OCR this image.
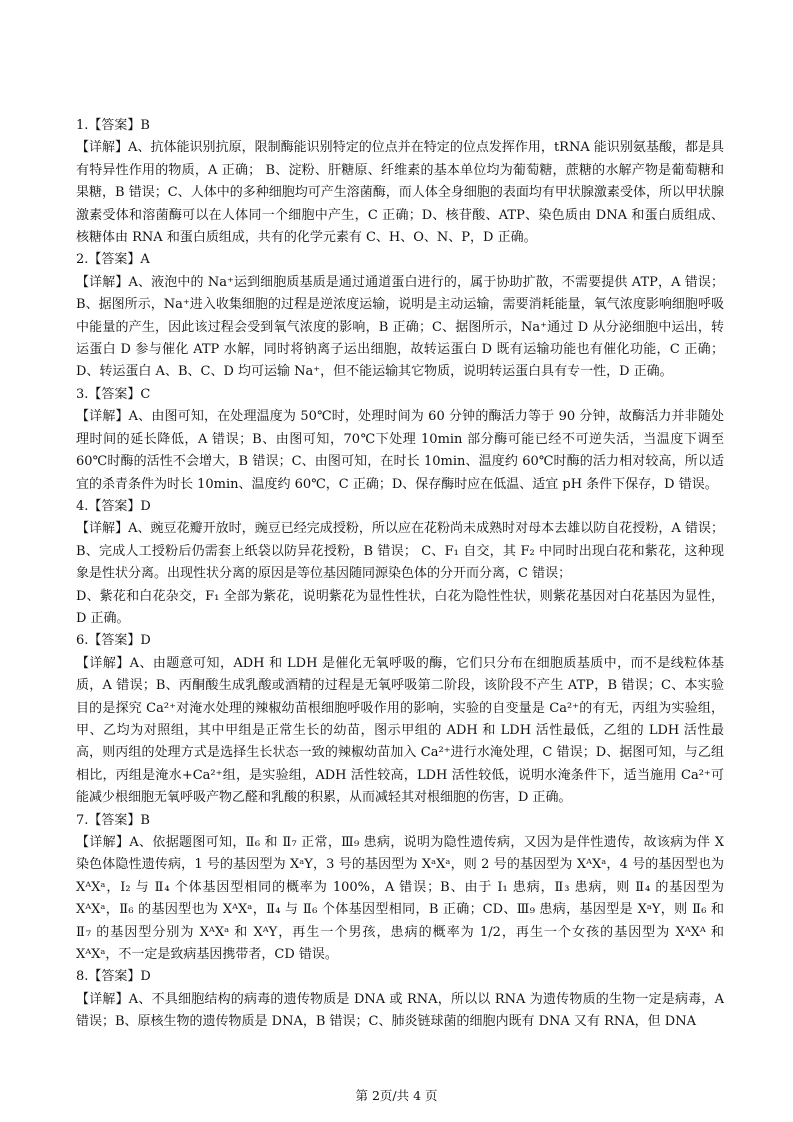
1.【答案】B

【详解】A、抗体能识别抗原，限制酶能识别特定的位点并在特定的位点发挥作用，tRNA 能识别氨基酸，都是具有特异性作用的物质，A 正确； B、淀粉、肝糖原、纤维素的基本单位均为葡萄糖，蔗糖的水解产物是葡萄糖和果糖，B 错误；C、人体中的多种细胞均可产生溶菌酶，而人体全身细胞的表面均有甲状腺激素受体，所以甲状腺激素受体和溶菌酶可以在人体同一个细胞中产生，C 正确；D、核苷酸、ATP、染色质由 DNA 和蛋白质组成、核糖体由 RNA 和蛋白质组成，共有的化学元素有 C、H、O、N、P，D 正确。

2.【答案】A

【详解】A、液泡中的 Na⁺运到细胞质基质是通过通道蛋白进行的，属于协助扩散，不需要提供 ATP，A 错误；B、据图所示，Na⁺进入收集细胞的过程是逆浓度运输，说明是主动运输，需要消耗能量，氧气浓度影响细胞呼吸中能量的产生，因此该过程会受到氧气浓度的影响，B 正确；C、据图所示，Na⁺通过 D 从分泌细胞中运出，转运蛋白 D 参与催化 ATP 水解，同时将钠离子运出细胞，故转运蛋白 D 既有运输功能也有催化功能，C 正确；D、转运蛋白 A、B、C、D 均可运输 Na⁺，但不能运输其它物质，说明转运蛋白具有专一性，D 正确。

3.【答案】C

【详解】A、由图可知，在处理温度为 50℃时，处理时间为 60 分钟的酶活力等于 90 分钟，故酶活力并非随处理时间的延长降低，A 错误；B、由图可知，70℃下处理 10min 部分酶可能已经不可逆失活，当温度下调至 60℃时酶的活性不会增大，B 错误；C、由图可知，在时长 10min、温度约 60℃时酶的活力相对较高，所以适宜的杀青条件为时长 10min、温度约 60℃，C 正确；D、保存酶时应在低温、适宜 pH 条件下保存，D 错误。

4.【答案】D

【详解】A、豌豆花瓣开放时，豌豆已经完成授粉，所以应在花粉尚未成熟时对母本去雄以防自花授粉，A 错误；B、完成人工授粉后仍需套上纸袋以防异花授粉，B 错误； C、F₁ 自交，其 F₂ 中同时出现白花和紫花，这种现象是性状分离。出现性状分离的原因是等位基因随同源染色体的分开而分离，C 错误；

D、紫花和白花杂交，F₁ 全部为紫花，说明紫花为显性性状，白花为隐性性状，则紫花基因对白花基因为显性，D 正确。

6.【答案】D

【详解】A、由题意可知，ADH 和 LDH 是催化无氧呼吸的酶，它们只分布在细胞质基质中，而不是线粒体基质，A 错误；B、丙酮酸生成乳酸或酒精的过程是无氧呼吸第二阶段，该阶段不产生 ATP，B 错误；C、本实验目的是探究 Ca²⁺对淹水处理的辣椒幼苗根细胞呼吸作用的影响，实验的自变量是 Ca²⁺的有无，丙组为实验组，甲、乙均为对照组，其中甲组是正常生长的幼苗，图示甲组的 ADH 和 LDH 活性最低，乙组的 LDH 活性最高，则丙组的处理方式是选择生长状态一致的辣椒幼苗加入 Ca²⁺进行水淹处理，C 错误；D、据图可知，与乙组相比，丙组是淹水+Ca²⁺组，是实验组，ADH 活性较高，LDH 活性较低，说明水淹条件下，适当施用 Ca²⁺可能减少根细胞无氧呼吸产物乙醛和乳酸的积累，从而减轻其对根细胞的伤害，D 正确。

7.【答案】B

【详解】A、依据题图可知，Ⅱ₆ 和 Ⅱ₇ 正常，Ⅲ₉ 患病，说明为隐性遗传病，又因为是伴性遗传，故该病为伴 X 染色体隐性遗传病，1 号的基因型为 XᵃY，3 号的基因型为 XᵃXᵃ，则 2 号的基因型为 XᴬXᵃ，4 号的基因型也为 XᴬXᵃ，I₂ 与 Ⅱ₄ 个体基因型相同的概率为 100%，A 错误；B、由于 I₁ 患病，Ⅱ₃ 患病，则 Ⅱ₄ 的基因型为 XᴬXᵃ，Ⅱ₆ 的基因型也为 XᴬXᵃ，Ⅱ₄ 与 Ⅱ₆ 个体基因型相同，B 正确；CD、Ⅲ₉ 患病，基因型是 XᵃY，则 Ⅱ₆ 和 Ⅱ₇ 的基因型分别为 XᴬXᵃ 和 XᴬY，再生一个男孩，患病的概率为 1/2，再生一个女孩的基因型为 XᴬXᴬ 和 XᴬXᵃ，不一定是致病基因携带者，CD 错误。

8.【答案】D

【详解】A、不具细胞结构的病毒的遗传物质是 DNA 或 RNA，所以以 RNA 为遗传物质的生物一定是病毒，A 错误；B、原核生物的遗传物质是 DNA，B 错误；C、肺炎链球菌的细胞内既有 DNA 又有 RNA，但 DNA

第 2页/共 4 页
